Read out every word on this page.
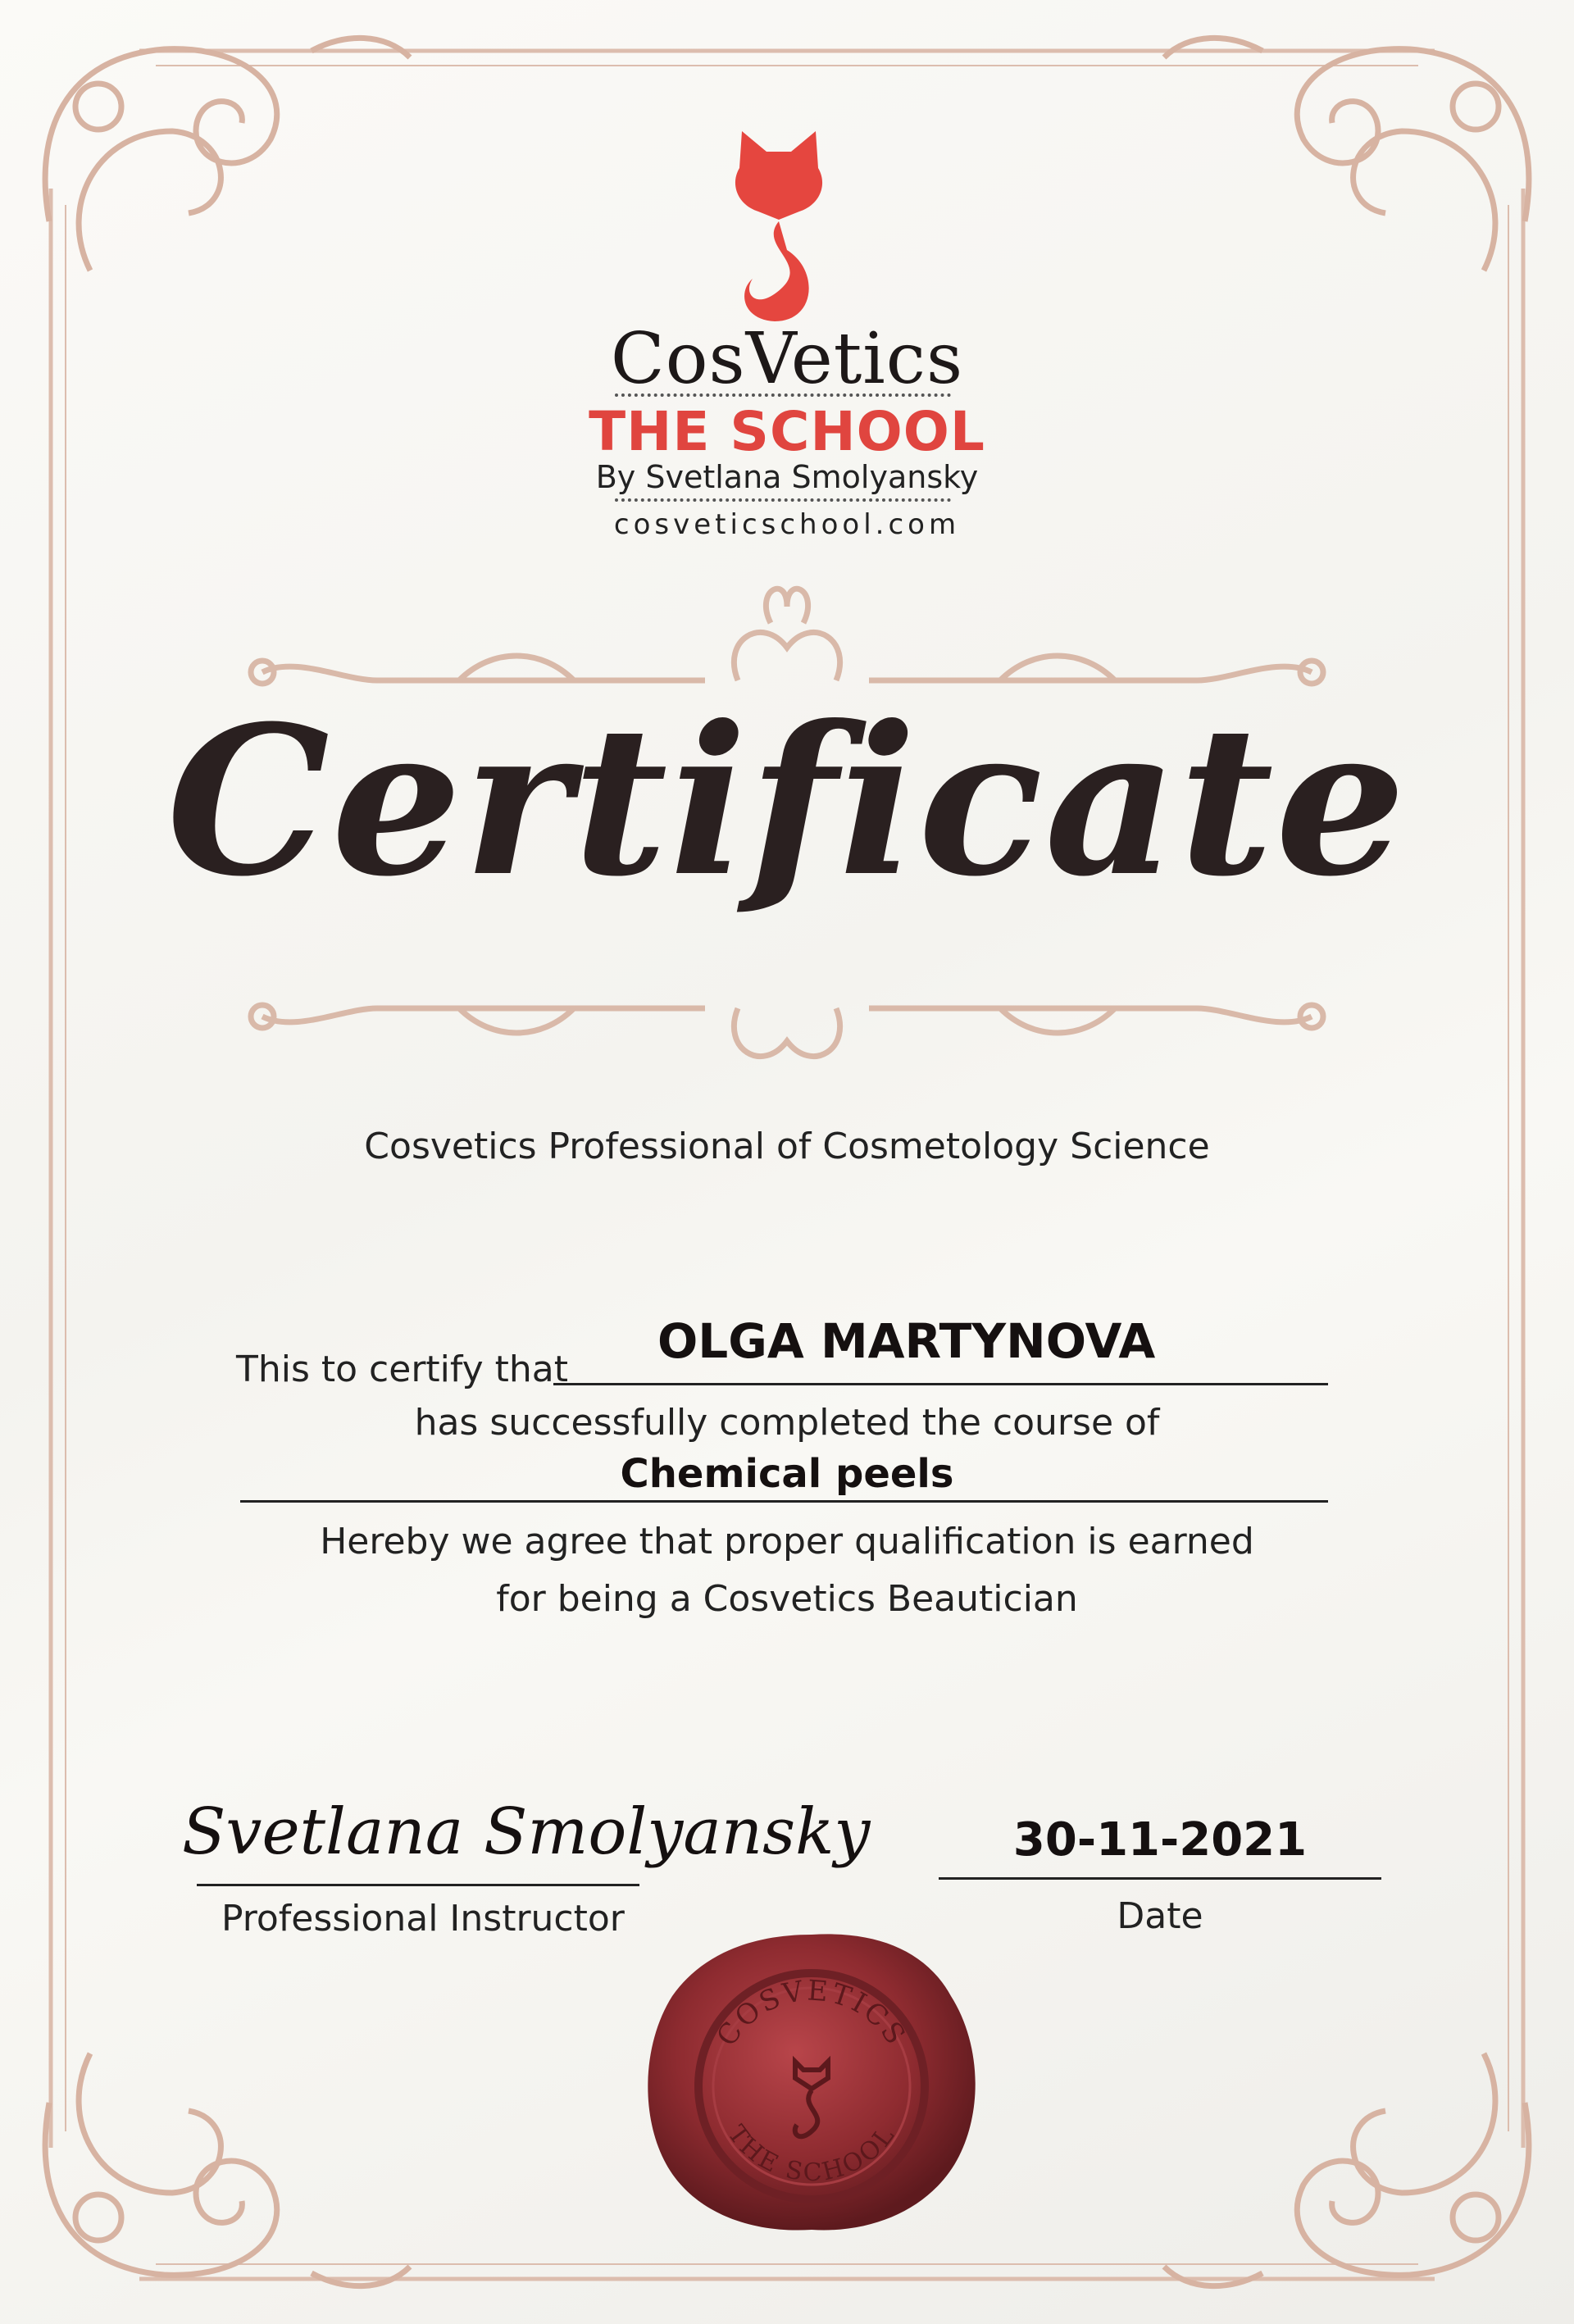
CosVetics
THE SCHOOL
By Svetlana Smolyansky
cosveticschool.com
Certificate
Cosvetics Professional of Cosmetology Science
This to certify that
OLGA MARTYNOVA
has successfully completed the course of
Chemical peels
Hereby we agree that proper qualification is earned
for being a Cosvetics Beautician
Svetlana Smolyansky
Professional Instructor
30-11-2021
Date
COSVETICS
THE SCHOOL
